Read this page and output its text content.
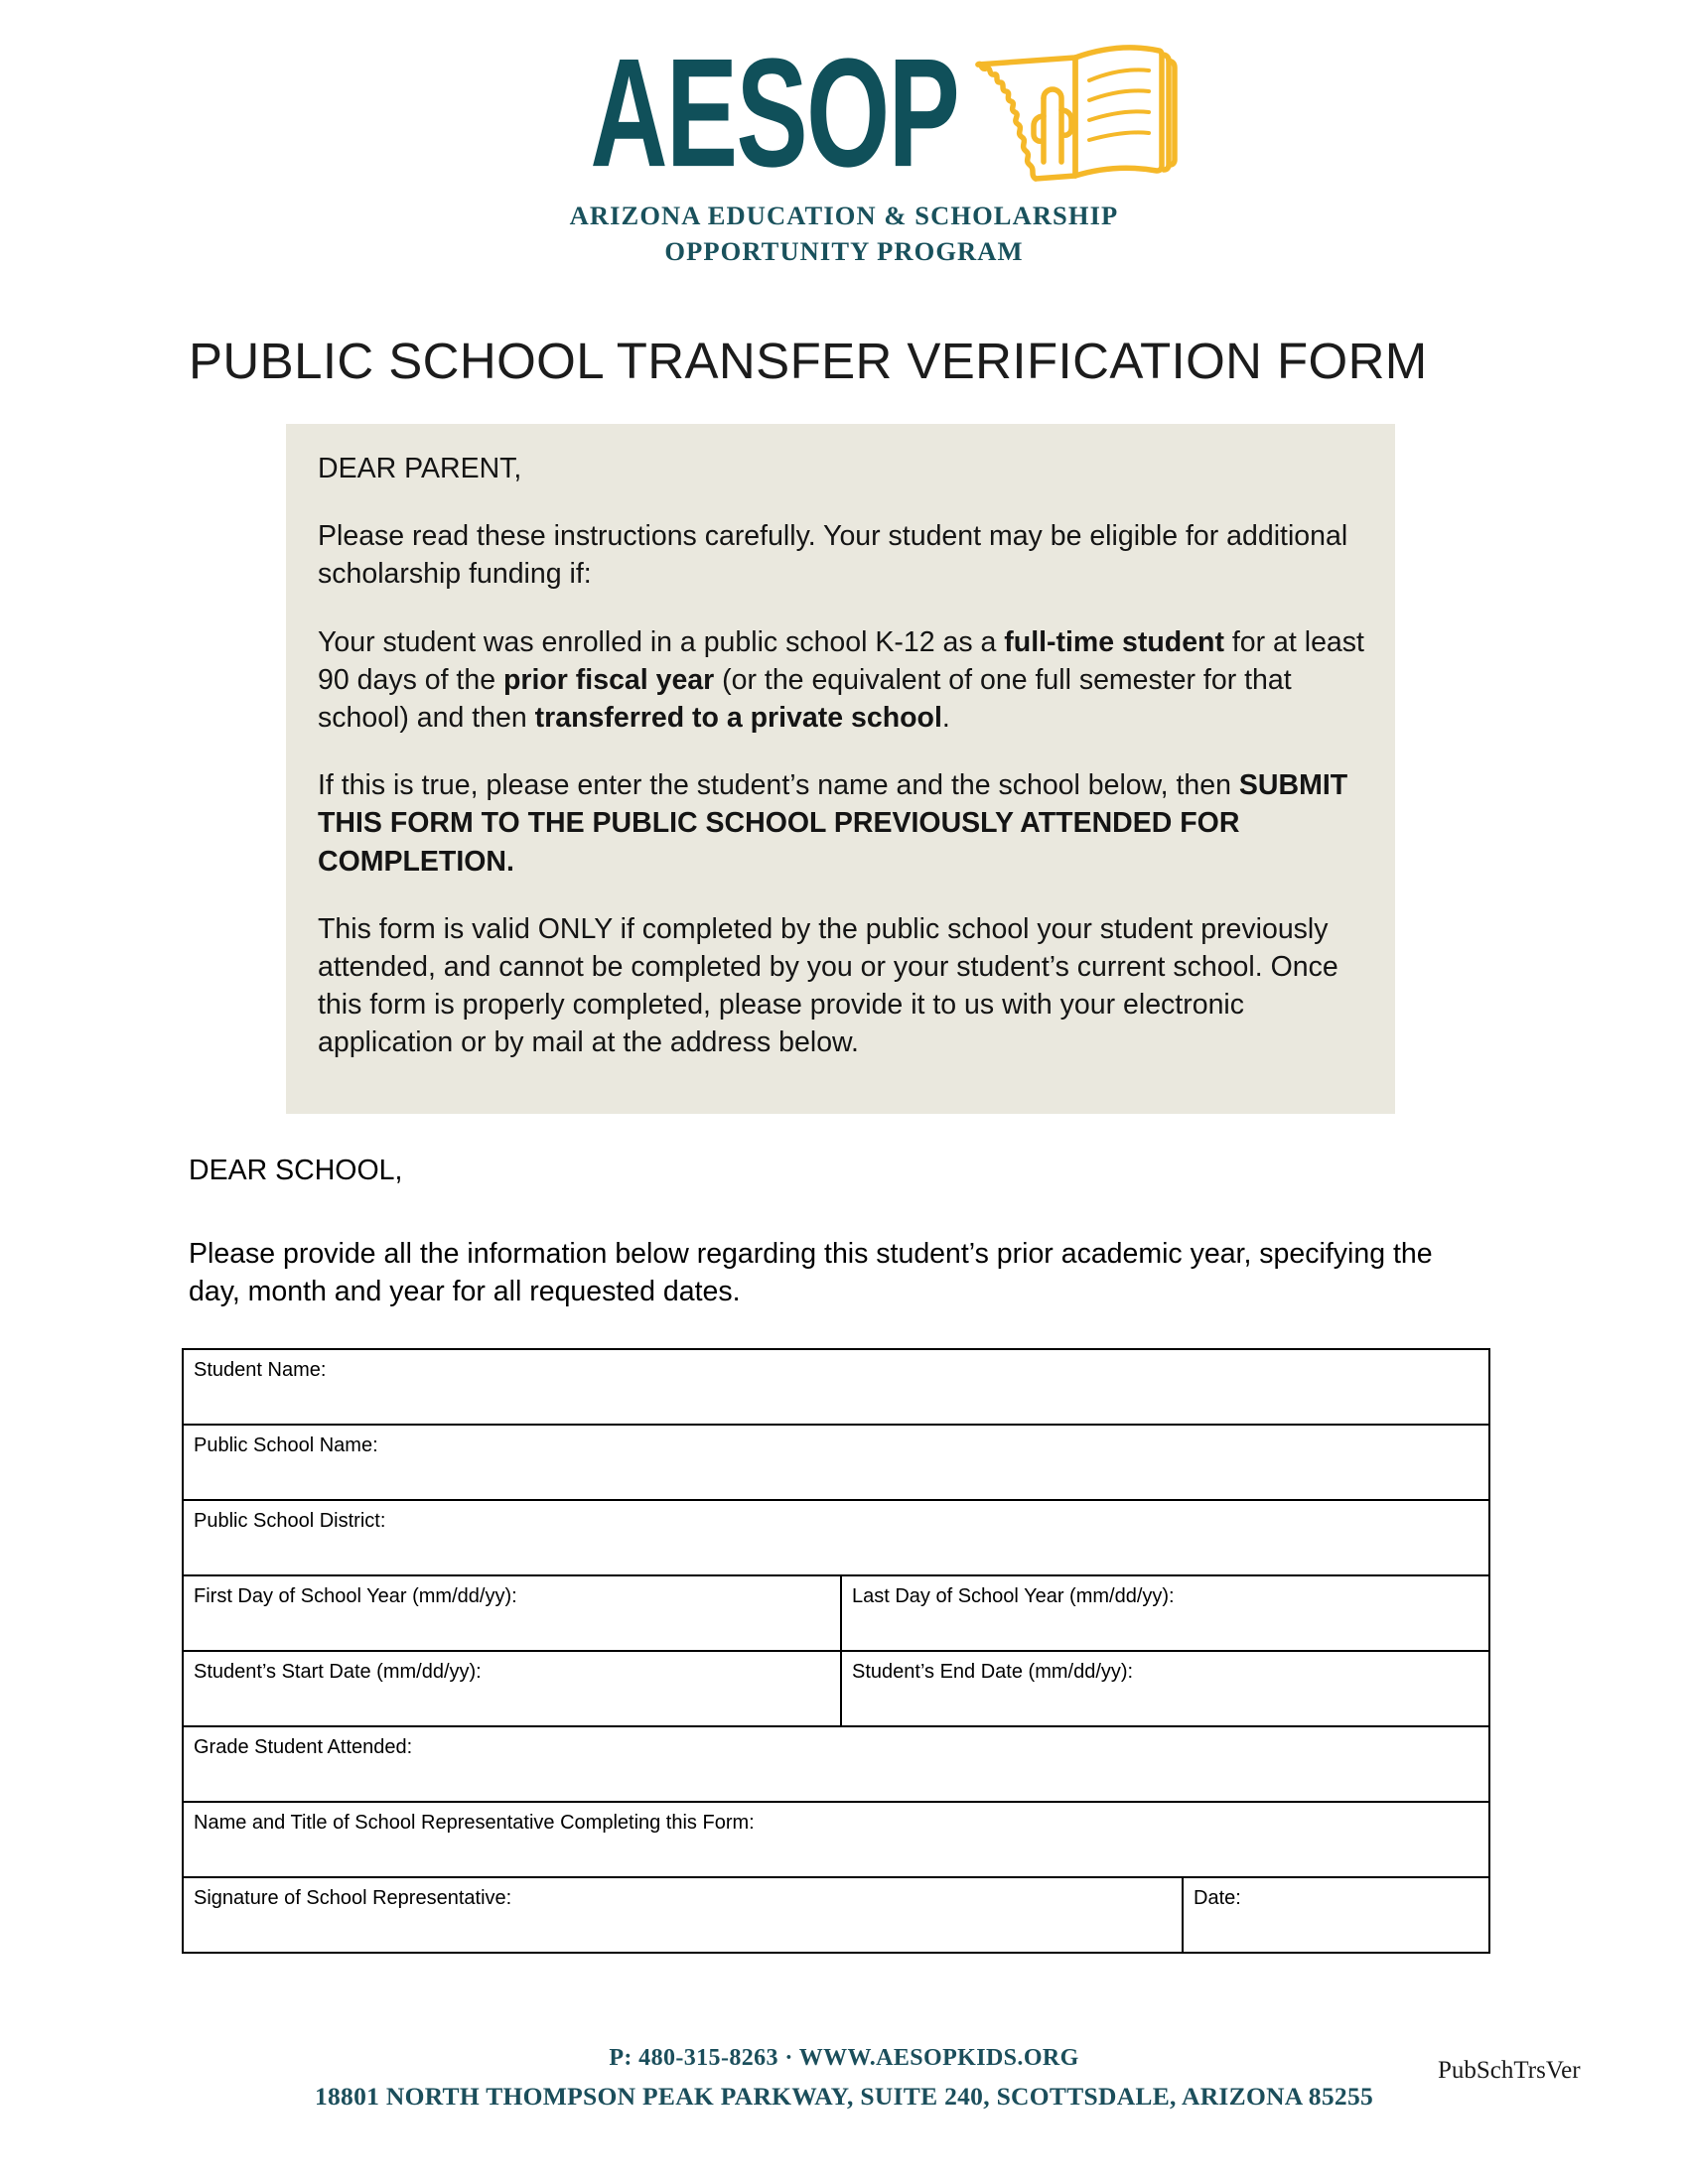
AESOP
ARIZONA EDUCATION & SCHOLARSHIP
OPPORTUNITY PROGRAM
PUBLIC SCHOOL TRANSFER VERIFICATION FORM

DEAR PARENT,

Please read these instructions carefully. Your student may be eligible for additional scholarship funding if:

Your student was enrolled in a public school K-12 as a full-time student for at least 90 days of the prior fiscal year (or the equivalent of one full semester for that school) and then transferred to a private school.

If this is true, please enter the student’s name and the school below, then SUBMIT THIS FORM TO THE PUBLIC SCHOOL PREVIOUSLY ATTENDED FOR COMPLETION.

This form is valid ONLY if completed by the public school your student previously attended, and cannot be completed by you or your student’s current school. Once this form is properly completed, please provide it to us with your electronic application or by mail at the address below.

DEAR SCHOOL,

Please provide all the information below regarding this student’s prior academic year, specifying the day, month and year for all requested dates.

Student Name:		

Public School Name:		

Public School District:		

First Day of School Year (mm/dd/yy):	Last Day of School Year (mm/dd/yy):	

Student’s Start Date (mm/dd/yy):	Student’s End Date (mm/dd/yy):	

Grade Student Attended:		

Name and Title of School Representative Completing this Form:		

Signature of School Representative:		Date:
P: 480-315-8263 · WWW.AESOPKIDS.ORG
18801 NORTH THOMPSON PEAK PARKWAY, SUITE 240, SCOTTSDALE, ARIZONA 85255
PubSchTrsVer
